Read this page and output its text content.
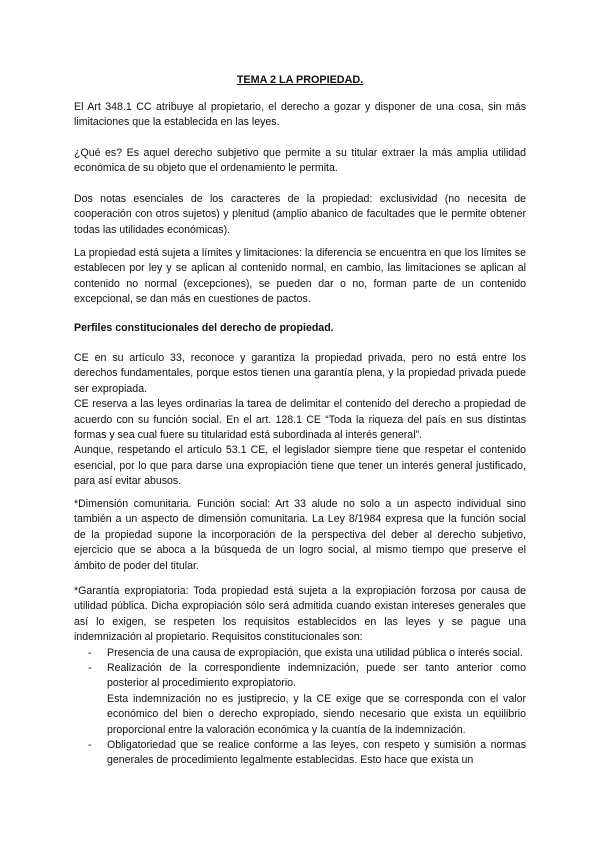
TEMA 2 LA PROPIEDAD.

El Art 348.1 CC atribuye al propietario, el derecho a gozar y disponer de una cosa, sin más limitaciones que la establecida en las leyes.

¿Qué es? Es aquel derecho subjetivo que permite a su titular extraer la más amplia utilidad económica de su objeto que el ordenamiento le permita.

Dos notas esenciales de los caracteres de la propiedad: exclusividad (no necesita de cooperación con otros sujetos) y plenitud (amplio abanico de facultades que le permite obtener todas las utilidades económicas).

La propiedad está sujeta a límites y limitaciones: la diferencia se encuentra en que los límites se establecen por ley y se aplican al contenido normal, en cambio, las limitaciones se aplican al contenido no normal (excepciones), se pueden dar o no, forman parte de un contenido excepcional, se dan más en cuestiones de pactos.

Perfiles constitucionales del derecho de propiedad.

CE en su artículo 33, reconoce y garantiza la propiedad privada, pero no está entre los derechos fundamentales, porque estos tienen una garantía plena, y la propiedad privada puede ser expropiada.

CE reserva a las leyes ordinarias la tarea de delimitar el contenido del derecho a propiedad de acuerdo con su función social. En el art. 128.1 CE “Toda la riqueza del país en sus distintas formas y sea cual fuere su titularidad está subordinada al interés general”.

Aunque, respetando el artículo 53.1 CE, el legislador siempre tiene que respetar el contenido esencial, por lo que para darse una expropiación tiene que tener un interés general justificado, para así evitar abusos.

*Dimensión comunitaria. Función social: Art 33 alude no solo a un aspecto individual sino también a un aspecto de dimensión comunitaria. La Ley 8/1984 expresa que la función social de la propiedad supone la incorporación de la perspectiva del deber al derecho subjetivo, ejercicio que se aboca a la búsqueda de un logro social, al mismo tiempo que preserve el ámbito de poder del titular.

*Garantía expropiatoria: Toda propiedad está sujeta a la expropiación forzosa por causa de utilidad pública. Dicha expropiación sólo será admitida cuando existan intereses generales que así lo exigen, se respeten los requisitos establecidos en las leyes y se pague una indemnización al propietario. Requisitos constitucionales son:

- Presencia de una causa de expropiación, que exista una utilidad pública o interés social.
- Realización de la correspondiente indemnización, puede ser tanto anterior como posterior al procedimiento expropiatorio.
Esta indemnización no es justiprecio, y la CE exige que se corresponda con el valor económico del bien o derecho expropiado, siendo necesario que exista un equilibrio proporcional entre la valoración económica y la cuantía de la indemnización.
- Obligatoriedad que se realice conforme a las leyes, con respeto y sumisión a normas generales de procedimiento legalmente establecidas. Esto hace que exista un
